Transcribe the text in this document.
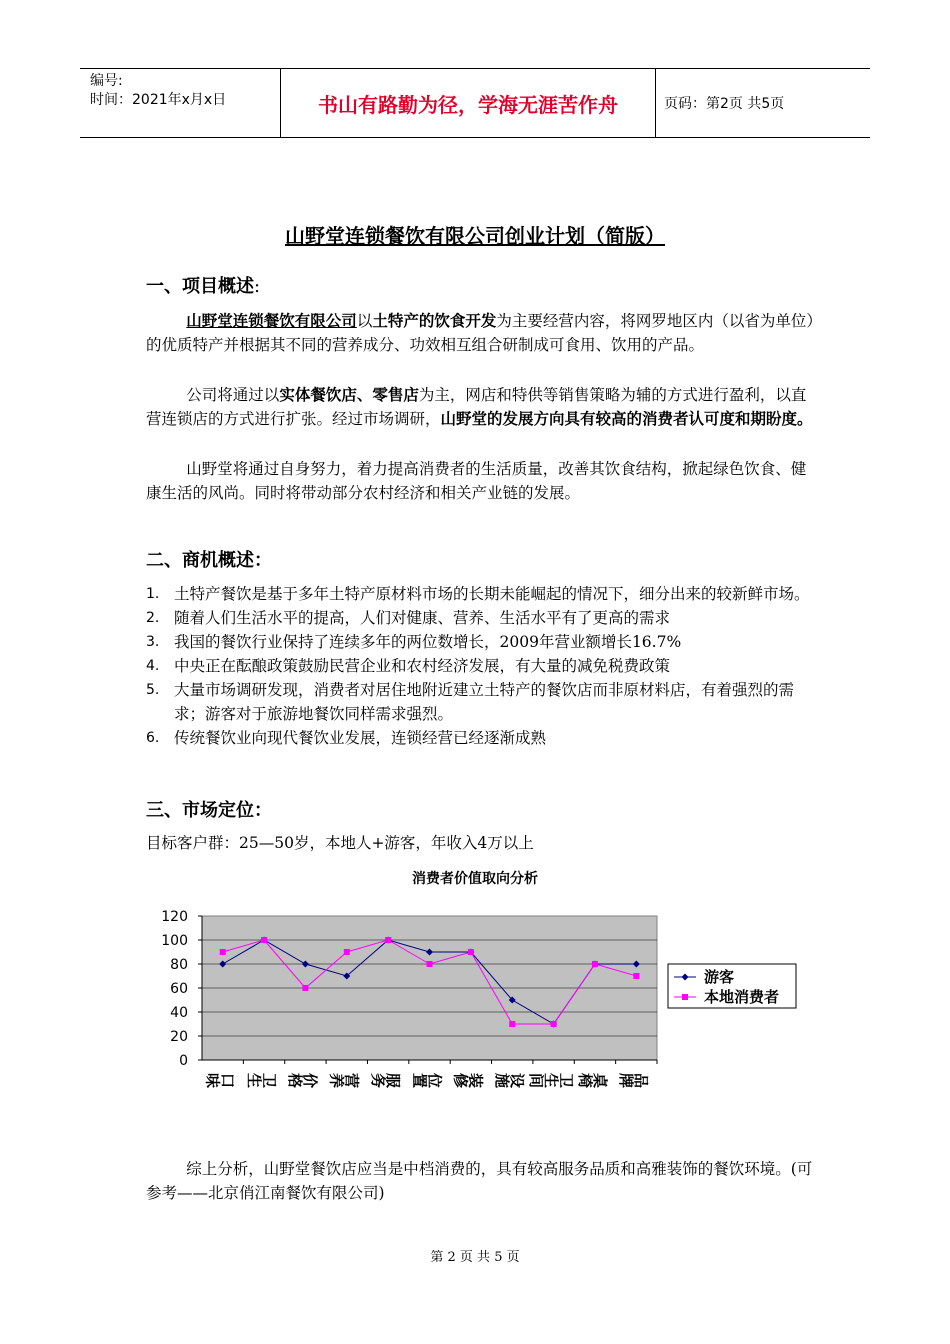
编号:
时间：2021年x月x日	书山有路勤为径，学海无涯苦作舟	页码：第2页 共5页
山野堂连锁餐饮有限公司创业计划（简版）
一、项目概述:
山野堂连锁餐饮有限公司以土特产的饮食开发为主要经营内容，将网罗地区内（以省为单位）的优质特产并根据其不同的营养成分、功效相互组合研制成可食用、饮用的产品。
公司将通过以实体餐饮店、零售店为主，网店和特供等销售策略为辅的方式进行盈利，以直营连锁店的方式进行扩张。经过市场调研，山野堂的发展方向具有较高的消费者认可度和期盼度。
山野堂将通过自身努力，着力提高消费者的生活质量，改善其饮食结构，掀起绿色饮食、健康生活的风尚。同时将带动部分农村经济和相关产业链的发展。
二、商机概述：
1. 土特产餐饮是基于多年土特产原材料市场的长期未能崛起的情况下，细分出来的较新鲜市场。
2. 随着人们生活水平的提高，人们对健康、营养、生活水平有了更高的需求
3. 我国的餐饮行业保持了连续多年的两位数增长，2009年营业额增长16.7%
4. 中央正在酝酿政策鼓励民营企业和农村经济发展，有大量的减免税费政策
5. 大量市场调研发现，消费者对居住地附近建立土特产的餐饮店而非原材料店，有着强烈的需求；游客对于旅游地餐饮同样需求强烈。
6. 传统餐饮业向现代餐饮业发展，连锁经营已经逐渐成熟
三、市场定位：
目标客户群：25—50岁，本地人+游客，年收入4万以上
消费者价值取向分析
0
20
40
60
80
100
120
口味 卫生 价格 营养 服务 位置 装修 设施 卫生间 桌椅 品牌
游客
本地消费者
综上分析，山野堂餐饮店应当是中档消费的，具有较高服务品质和高雅装饰的餐饮环境。(可参考——北京俏江南餐饮有限公司)
第 2 页 共 5 页
